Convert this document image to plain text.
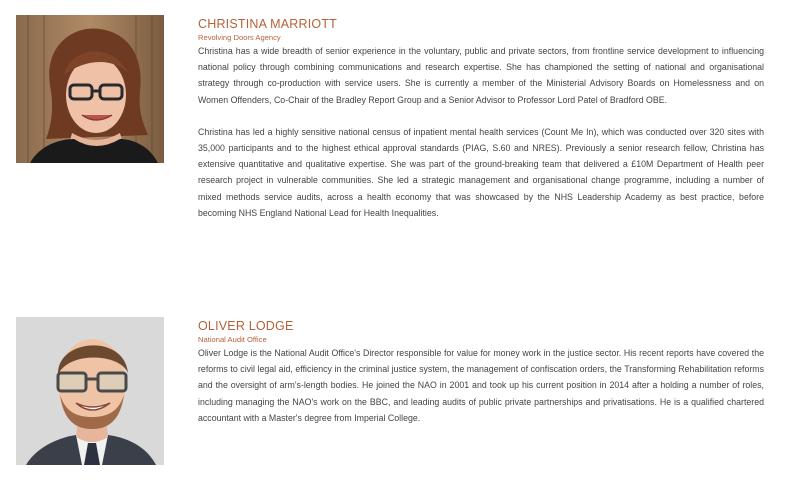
CHRISTINA MARRIOTT
Revolving Doors Agency

Christina has a wide breadth of senior experience in the voluntary, public and private sectors, from frontline service development to influencing national policy through combining communications and research expertise. She has championed the setting of national and organisational strategy through co-production with service users. She is currently a member of the Ministerial Advisory Boards on Homelessness and on Women Offenders, Co-Chair of the Bradley Report Group and a Senior Advisor to Professor Lord Patel of Bradford OBE.

Christina has led a highly sensitive national census of inpatient mental health services (Count Me In), which was conducted over 320 sites with 35,000 participants and to the highest ethical approval standards (PIAG, S.60 and NRES). Previously a senior research fellow, Christina has extensive quantitative and qualitative expertise. She was part of the ground-breaking team that delivered a £10M Department of Health peer research project in vulnerable communities. She led a strategic management and organisational change programme, including a number of mixed methods service audits, across a health economy that was showcased by the NHS Leadership Academy as best practice, before becoming NHS England National Lead for Health Inequalities.

OLIVER LODGE
National Audit Office

Oliver Lodge is the National Audit Office's Director responsible for value for money work in the justice sector. His recent reports have covered the reforms to civil legal aid, efficiency in the criminal justice system, the management of confiscation orders, the Transforming Rehabilitation reforms and the oversight of arm's-length bodies. He joined the NAO in 2001 and took up his current position in 2014 after a holding a number of roles, including managing the NAO's work on the BBC, and leading audits of public private partnerships and privatisations. He is a qualified chartered accountant with a Master's degree from Imperial College.
